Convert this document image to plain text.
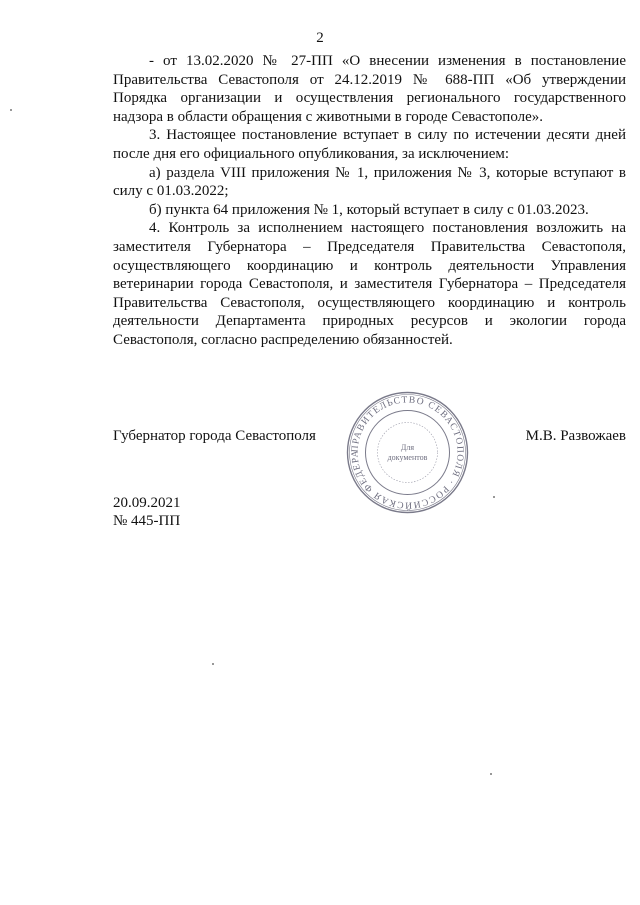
2

- от 13.02.2020 № 27-ПП «О внесении изменения в постановление Правительства Севастополя от 24.12.2019 № 688-ПП «Об утверждении Порядка организации и осуществления регионального государственного надзора в области обращения с животными в городе Севастополе».

3. Настоящее постановление вступает в силу по истечении десяти дней после дня его официального опубликования, за исключением:

а) раздела VIII приложения № 1, приложения № 3, которые вступают в силу с 01.03.2022;

б) пункта 64 приложения № 1, который вступает в силу с 01.03.2023.

4. Контроль за исполнением настоящего постановления возложить на заместителя Губернатора – Председателя Правительства Севастополя, осуществляющего координацию и контроль деятельности Управления ветеринарии города Севастополя, и заместителя Губернатора – Председателя Правительства Севастополя, осуществляющего координацию и контроль деятельности Департамента природных ресурсов и экологии города Севастополя, согласно распределению обязанностей.

Губернатор города Севастополя	М.В. Развожаев
ПРАВИТЕЛЬСТВО СЕВАСТОПОЛЯ · РОССИЙСКАЯ ФЕДЕРА
Для
документов
20.09.2021
№ 445-ПП
